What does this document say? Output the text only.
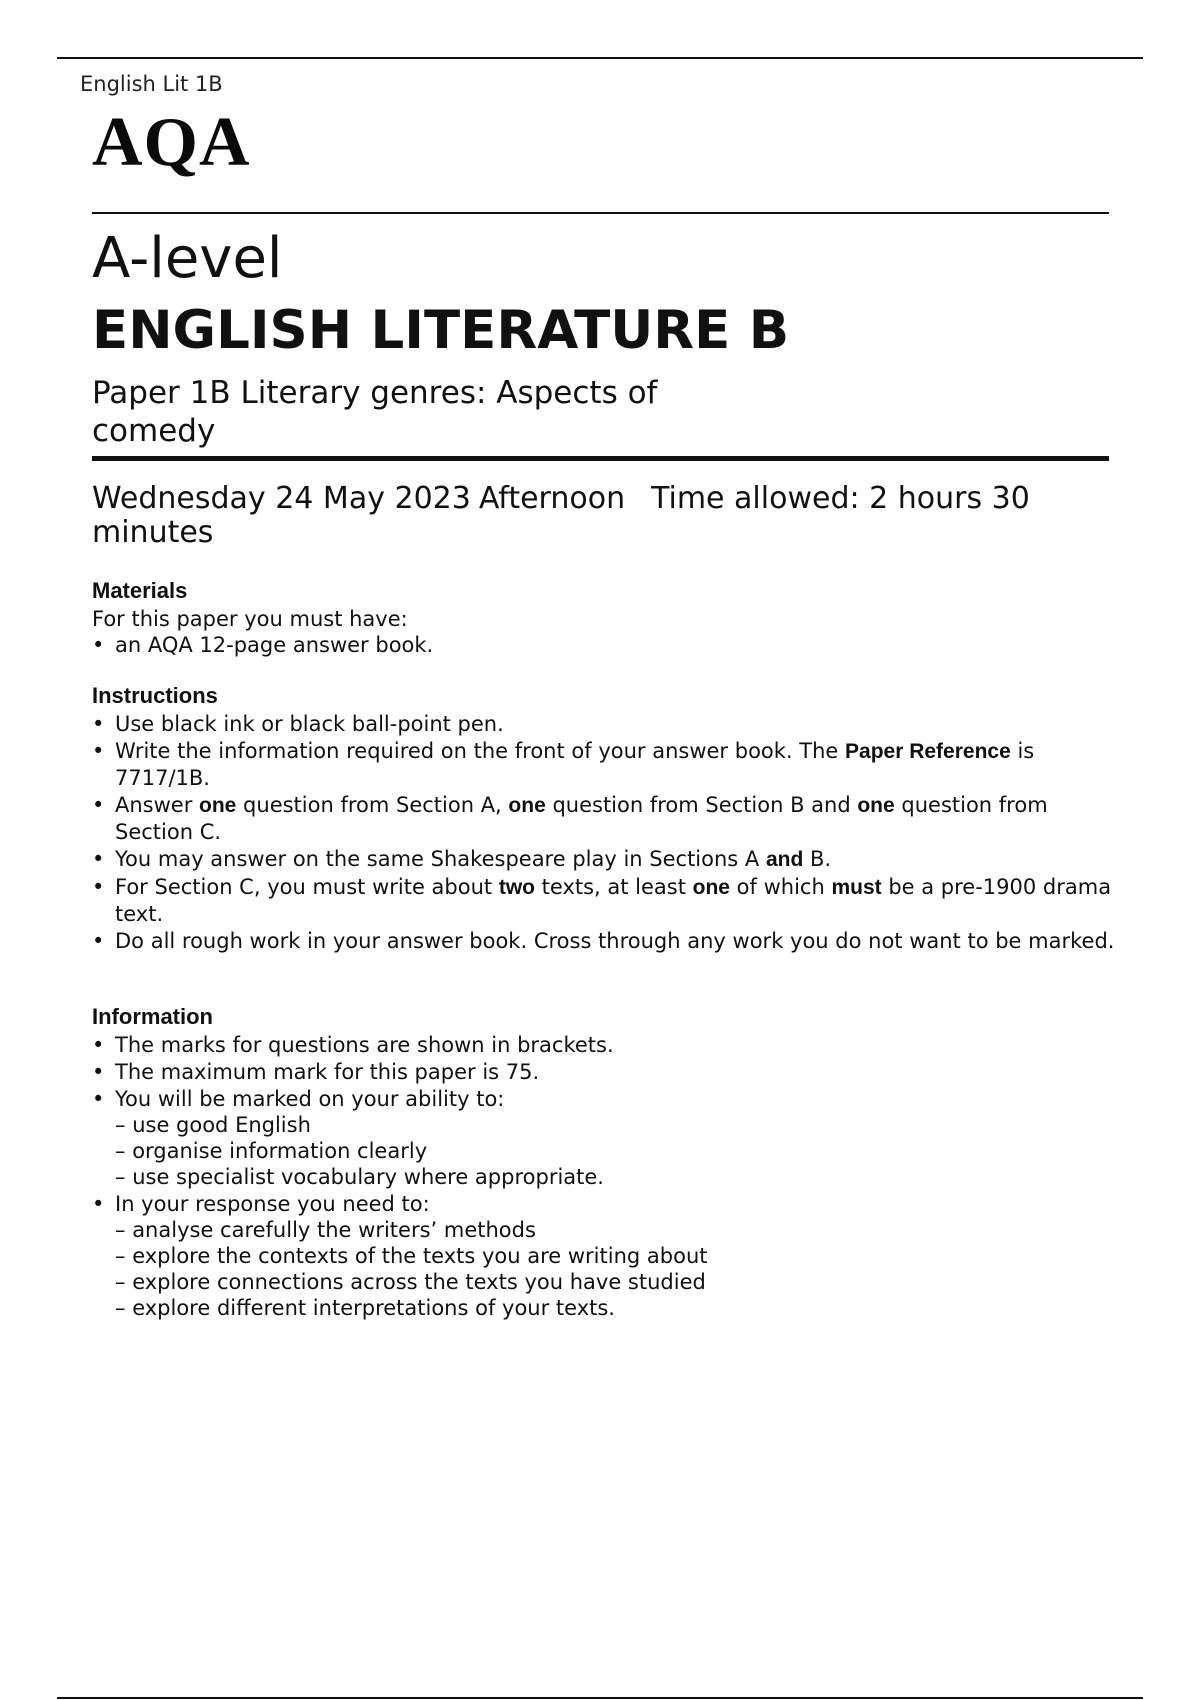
English Lit 1B
AQA
A-level
ENGLISH LITERATURE B
Paper 1B Literary genres: Aspects of comedy
Wednesday 24 May 2023 Afternoon Time allowed: 2 hours 30 minutes
Materials

For this paper you must have:

• an AQA 12-page answer book.
Instructions
• Use black ink or black ball-point pen.
• Write the information required on the front of your answer book. The Paper Reference is 7717/1B.
• Answer one question from Section A, one question from Section B and one question from Section C.
• You may answer on the same Shakespeare play in Sections A and B.
• For Section C, you must write about two texts, at least one of which must be a pre-1900 drama text.
• Do all rough work in your answer book. Cross through any work you do not want to be marked.
Information
• The marks for questions are shown in brackets.
• The maximum mark for this paper is 75.
• You will be marked on your ability to:
– use good English
– organise information clearly
– use specialist vocabulary where appropriate.
• In your response you need to:
– analyse carefully the writers’ methods
– explore the contexts of the texts you are writing about
– explore connections across the texts you have studied
– explore different interpretations of your texts.
